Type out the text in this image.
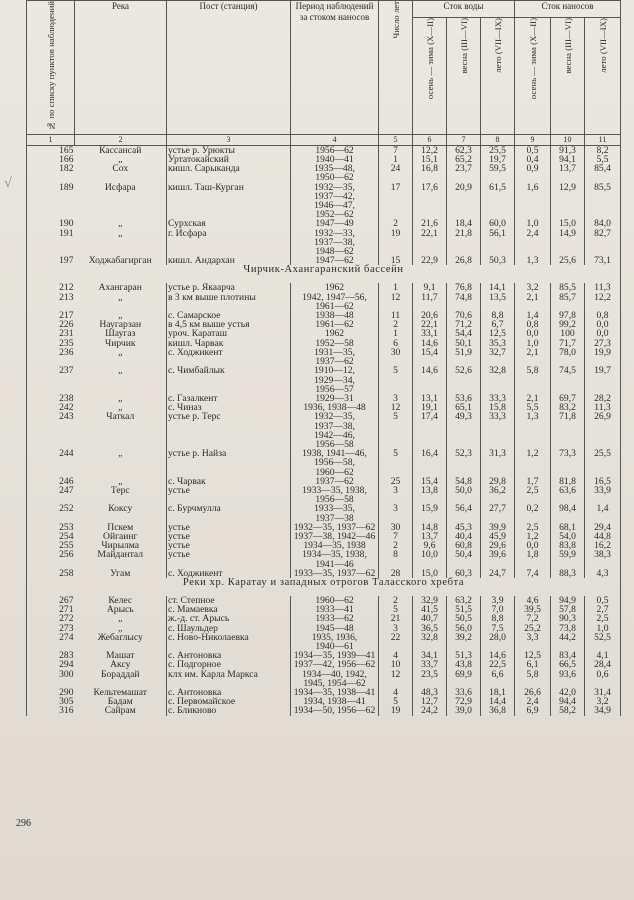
√
№ по списку пунктов наблюдений	Река	Пост (станция)	Период наблюдений за стоком наносов	Число лет	Сток воды			Сток наносов		
					осень — зима (X—II)	весна (III—VI)	лето (VII—IX)	осень — зима (X—II)	весна (III—VI)	лето (VII—IX)
1	2	3	4	5	6	7	8	9	10	11
165	Кассансай	устье р. Урюкты	1956—62	7	12,2	62,3	25,5	0,5	91,3	8,2
166	„	Уртатокайский	1940—41	1	15,1	65,2	19,7	0,4	94,1	5,5
182	Сох	кишл. Сарыканда	1935—48,	24	16,8	23,7	59,5	0,9	13,7	85,4
			1950—62							
189	Исфара	кишл. Таш-Курган	1932—35,	17	17,6	20,9	61,5	1,6	12,9	85,5
			1937—42,							
			1946—47,							
			1952—62							
190	„	Сурхская	1947—49	2	21,6	18,4	60,0	1,0	15,0	84,0
191	„	г. Исфара	1932—33,	19	22,1	21,8	56,1	2,4	14,9	82,7
			1937—38,							
			1948—62							
197	Ходжабагирган	кишл. Андархан	1947—62	15	22,9	26,8	50,3	1,3	25,6	73,1
Чирчик-Ахангаранский бассейн										
212	Ахангаран	устье р. Якаарча	1962	1	9,1	76,8	14,1	3,2	85,5	11,3
213	„	в 3 км выше плотины	1942, 1947—56,	12	11,7	74,8	13,5	2,1	85,7	12,2
			1961—62							
217	„	с. Самарское	1938—48	11	20,6	70,6	8,8	1,4	97,8	0,8
226	Наугарзан	в 4,5 км выше устья	1961—62	2	22,1	71,2	6,7	0,8	99,2	0,0
231	Шаугаз	уроч. Караташ	1962	1	33,1	54,4	12,5	0,0	100	0,0
235	Чирчик	кишл. Чарвак	1952—58	6	14,6	50,1	35,3	1,0	71,7	27,3
236	„	с. Ходжикент	1931—35,	30	15,4	51,9	32,7	2,1	78,0	19,9
			1937—62							
237	„	с. Чимбайлык	1910—12,	5	14,6	52,6	32,8	5,8	74,5	19,7
			1929—34,							
			1956—57							
238	„	с. Газалкент	1929—31	3	13,1	53,6	33,3	2,1	69,7	28,2
242	„	с. Чиназ	1936, 1938—48	12	19,1	65,1	15,8	5,5	83,2	11,3
243	Чаткал	устье р. Терс	1932—35,	5	17,4	49,3	33,3	1,3	71,8	26,9
			1937—38,							
			1942—46,							
			1956—58							
244	„	устье р. Найза	1938, 1941—46,	5	16,4	52,3	31,3	1,2	73,3	25,5
			1956—58,							
			1960—62							
246	„	с. Чарвак	1937—62	25	15,4	54,8	29,8	1,7	81,8	16,5
247	Терс	устье	1933—35, 1938,	3	13,8	50,0	36,2	2,5	63,6	33,9
			1956—58							
252	Коксу	с. Бурчмулла	1933—35,	3	15,9	56,4	27,7	0,2	98,4	1,4
			1937—38							
253	Пскем	устье	1932—35, 1937—62	30	14,8	45,3	39,9	2,5	68,1	29,4
254	Ойгаинг	устье	1937—38, 1942—46	7	13,7	40,4	45,9	1,2	54,0	44,8
255	Чирылма	устье	1934—35, 1938	2	9,6	60,8	29,6	0,0	83,8	16,2
256	Майдантал	устье	1934—35, 1938,	8	10,0	50,4	39,6	1,8	59,9	38,3
			1941—46							
258	Угам	с. Ходжикент	1933—35, 1937—62	28	15,0	60,3	24,7	7,4	88,3	4,3
Реки хр. Каратау и западных отрогов Таласского хребта										
267	Келес	ст. Степное	1960—62	2	32,9	63,2	3,9	4,6	94,9	0,5
271	Арысь	с. Мамаевка	1933—41	5	41,5	51,5	7,0	39,5	57,8	2,7
272	„	ж.-д. ст. Арысь	1933—62	21	40,7	50,5	8,8	7,2	90,3	2,5
273	„	с. Шаульдер	1945—48	3	36,5	56,0	7,5	25,2	73,8	1,0
274	Жебаглысу	с. Ново-Николаевка	1935, 1936,	22	32,8	39,2	28,0	3,3	44,2	52,5
			1940—61							
283	Машат	с. Антоновка	1934—35, 1939—41	4	34,1	51,3	14,6	12,5	83,4	4,1
294	Аксу	с. Подгорное	1937—42, 1956—62	10	33,7	43,8	22,5	6,1	66,5	28,4
300	Бораддай	клх им. Карла Маркса	1934—40, 1942,	12	23,5	69,9	6,6	5,8	93,6	0,6
			1945, 1954—62							
290	Кельтемашат	с. Антоновка	1934—35, 1938—41	4	48,3	33,6	18,1	26,6	42,0	31,4
305	Бадам	с. Первомайское	1934, 1938—41	5	12,7	72,9	14,4	2,4	94,4	3,2
316	Сайрам	с. Бликново	1934—50, 1956—62	19	24,2	39,0	36,8	6,9	58,2	34,9
296
